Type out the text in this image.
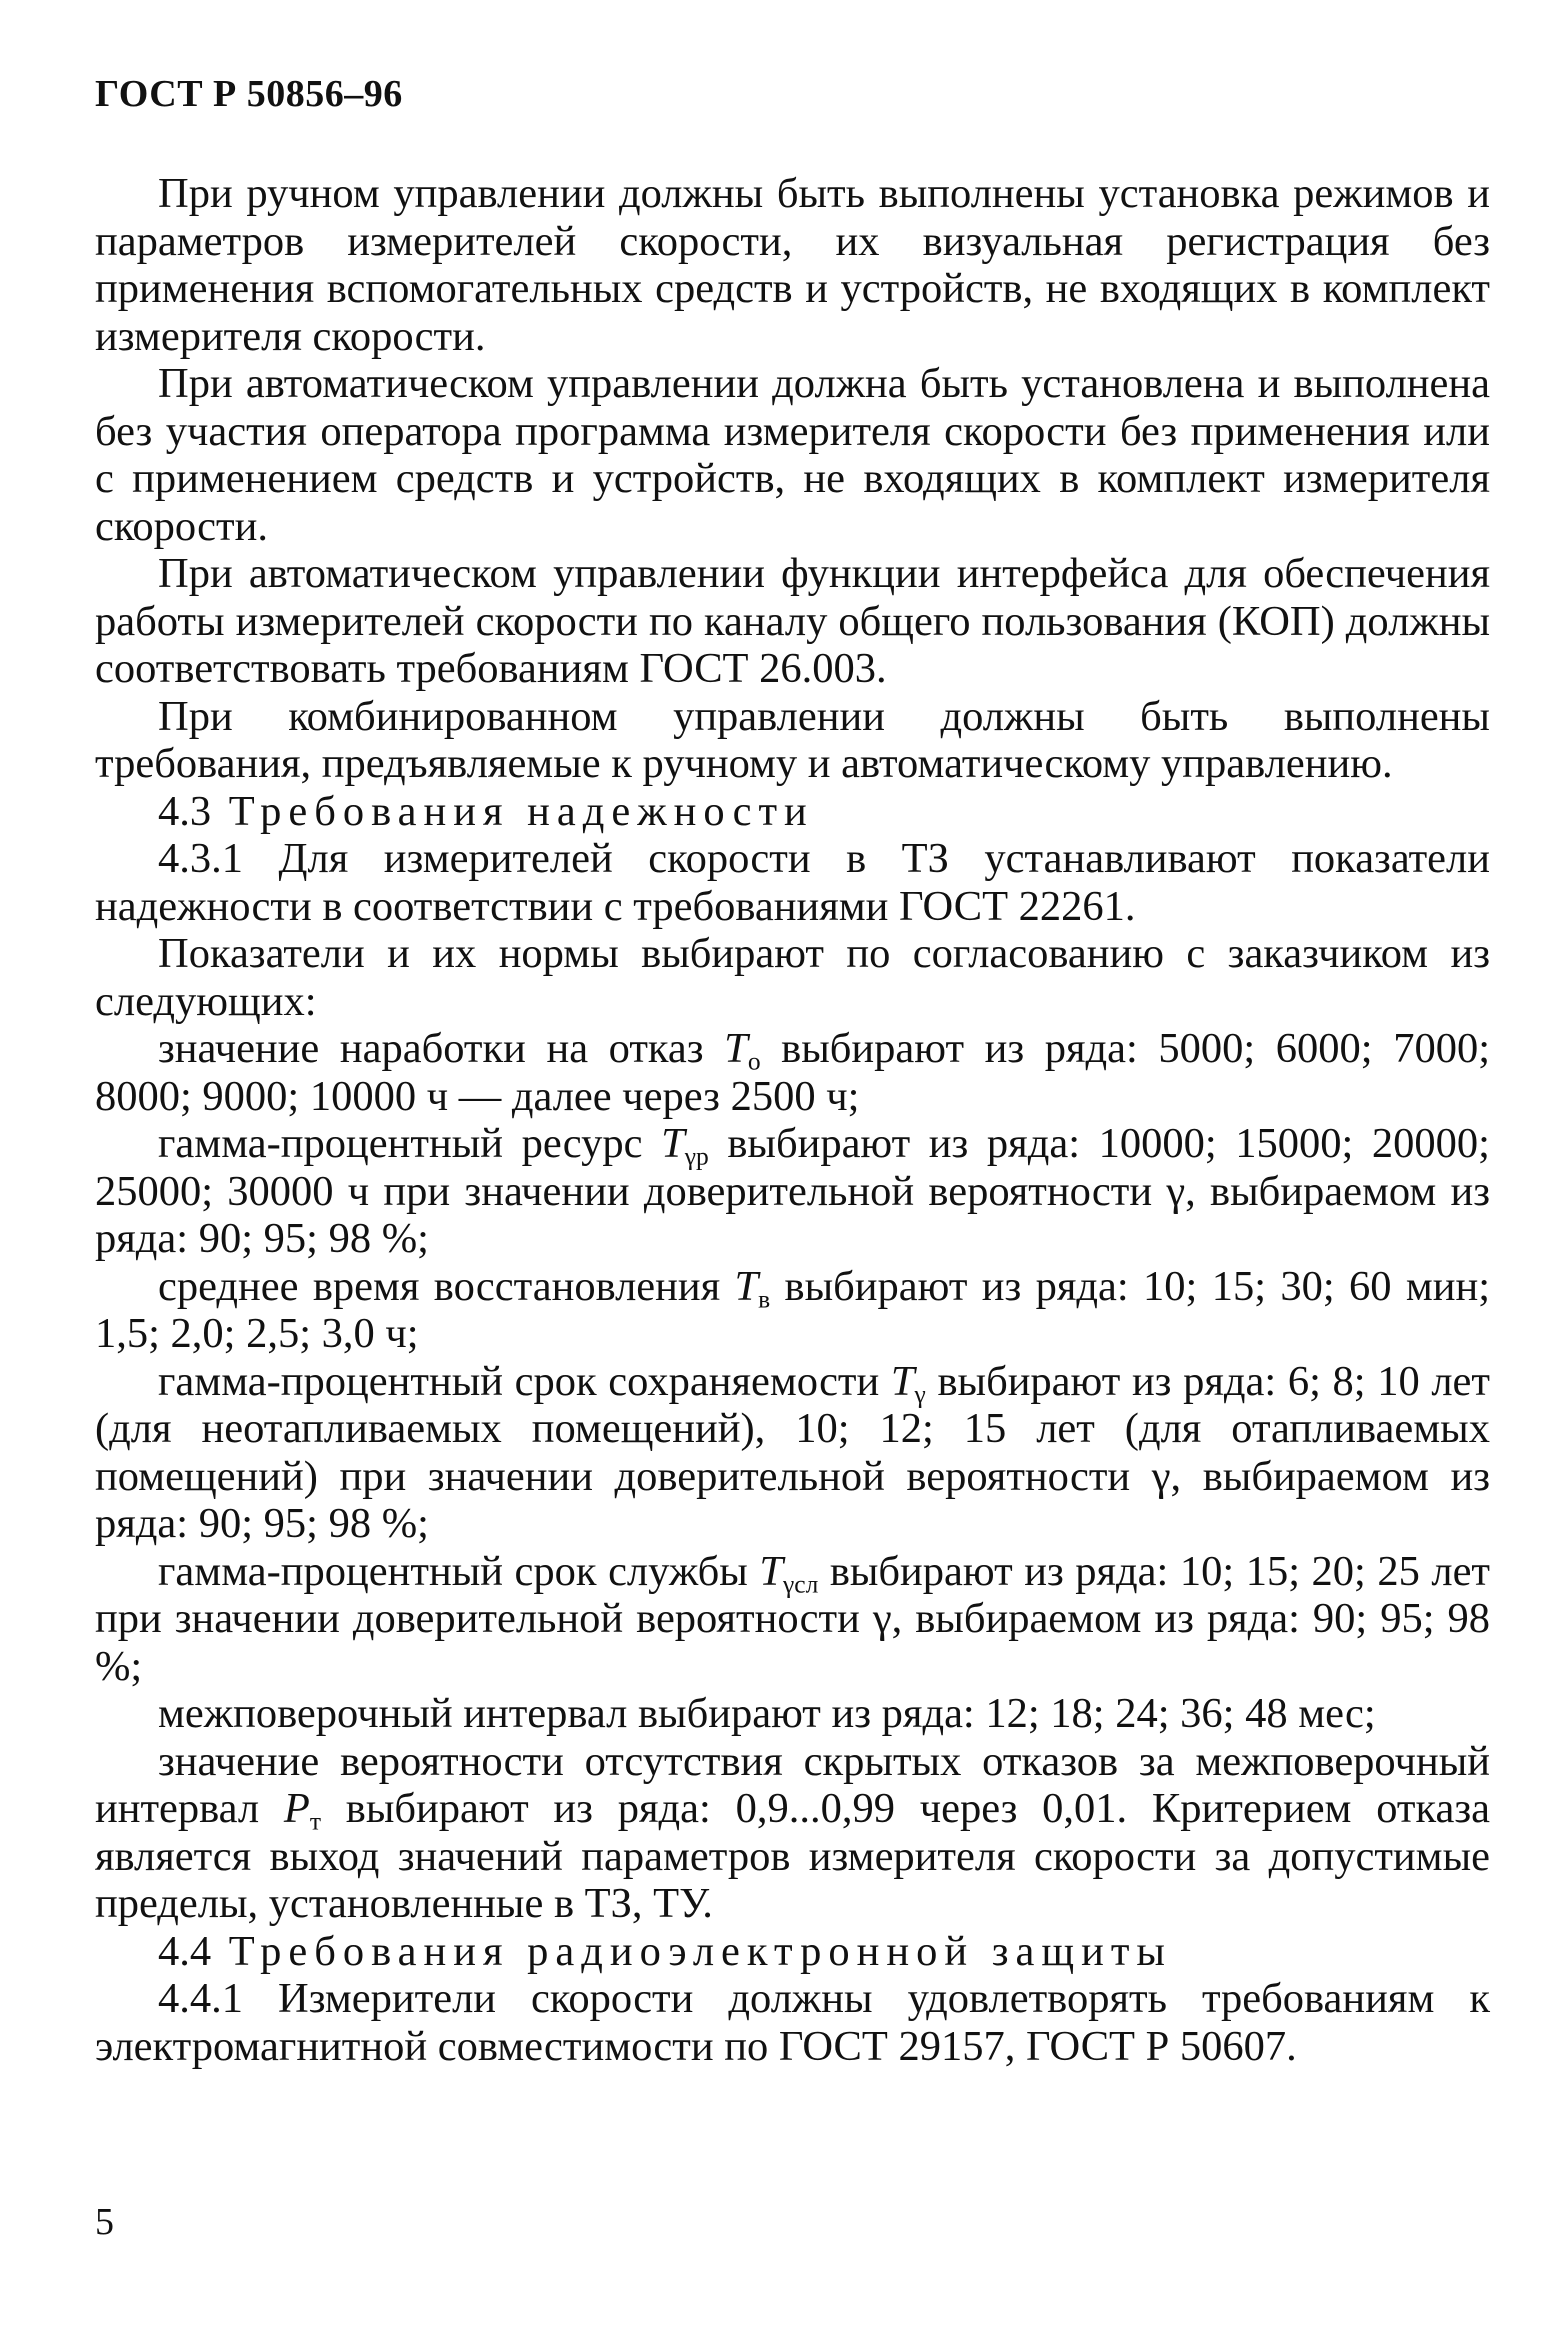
ГОСТ Р 50856–96

При ручном управлении должны быть выполнены установка режимов и параметров измерителей скорости, их визуальная регистрация без применения вспомогательных средств и устройств, не входящих в комплект измерителя скорости.

При автоматическом управлении должна быть установлена и выполнена без участия оператора программа измерителя скорости без применения или с применением средств и устройств, не входящих в комплект измерителя скорости.

При автоматическом управлении функции интерфейса для обеспечения работы измерителей скорости по каналу общего пользования (КОП) должны соответствовать требованиям ГОСТ 26.003.

При комбинированном управлении должны быть выполнены требования, предъявляемые к ручному и автоматическому управлению.

4.3 Требования надежности

4.3.1 Для измерителей скорости в ТЗ устанавливают показатели надежности в соответствии с требованиями ГОСТ 22261.

Показатели и их нормы выбирают по согласованию с заказчиком из следующих:

значение наработки на отказ $T_о$ выбирают из ряда: 5000; 6000; 7000; 8000; 9000; 10000 ч — далее через 2500 ч;

гамма-процентный ресурс $T_{\gamma р}$ выбирают из ряда: 10000; 15000; 20000; 25000; 30000 ч при значении доверительной вероятности γ, выбираемом из ряда: 90; 95; 98 %;

среднее время восстановления $T_в$ выбирают из ряда: 10; 15; 30; 60 мин; 1,5; 2,0; 2,5; 3,0 ч;

гамма-процентный срок сохраняемости $T_\gamma$ выбирают из ряда: 6; 8; 10 лет (для неотапливаемых помещений), 10; 12; 15 лет (для отапливаемых помещений) при значении доверительной вероятности γ, выбираемом из ряда: 90; 95; 98 %;

гамма-процентный срок службы $T_{\gamma сл}$ выбирают из ряда: 10; 15; 20; 25 лет при значении доверительной вероятности γ, выбираемом из ряда: 90; 95; 98 %;

межповерочный интервал выбирают из ряда: 12; 18; 24; 36; 48 мес;

значение вероятности отсутствия скрытых отказов за межповерочный интервал $P_т$ выбирают из ряда: 0,9...0,99 через 0,01. Критерием отказа является выход значений параметров измерителя скорости за допустимые пределы, установленные в ТЗ, ТУ.

4.4 Требования радиоэлектронной защиты

4.4.1 Измерители скорости должны удовлетворять требованиям к электромагнитной совместимости по ГОСТ 29157, ГОСТ Р 50607.

5
